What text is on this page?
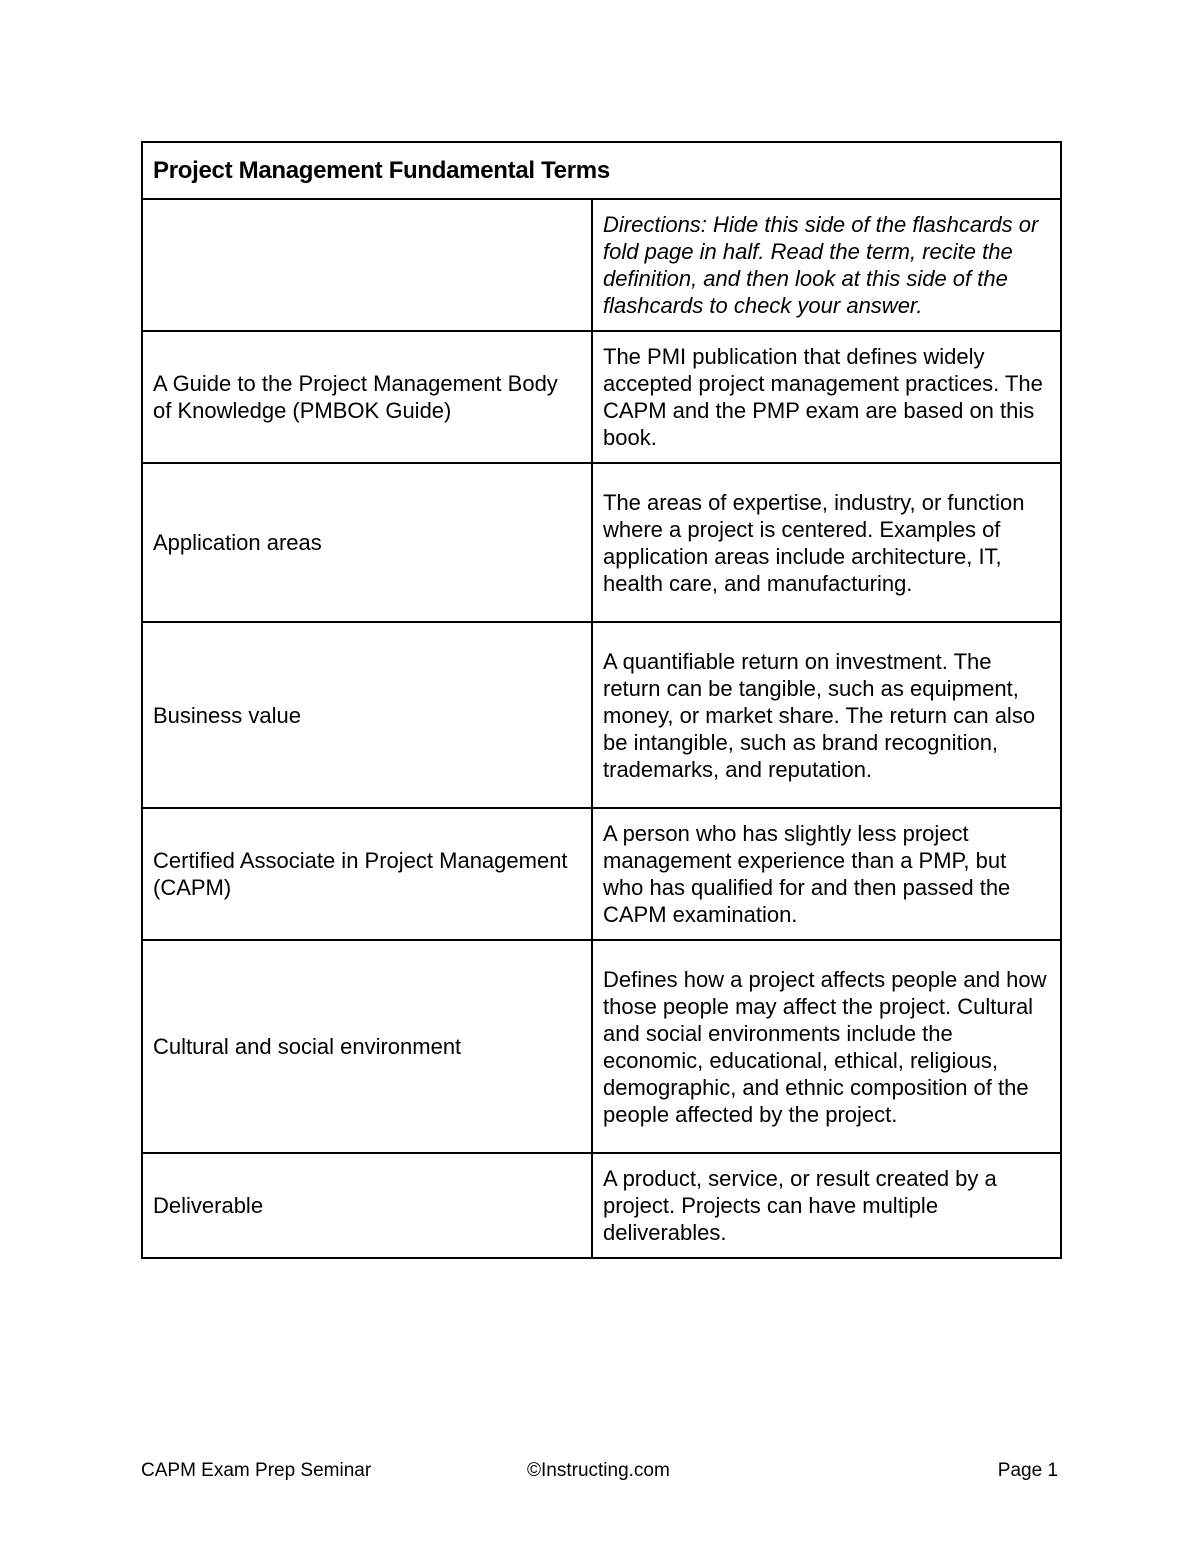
Project Management Fundamental Terms	
	Directions: Hide this side of the flashcards or fold page in half. Read the term, recite the definition, and then look at this side of the flashcards to check your answer.
A Guide to the Project Management Body of Knowledge (PMBOK Guide)	The PMI publication that defines widely accepted project management practices. The CAPM and the PMP exam are based on this book.
Application areas	The areas of expertise, industry, or function where a project is centered. Examples of application areas include architecture, IT, health care, and manufacturing.
Business value	A quantifiable return on investment. The return can be tangible, such as equipment, money, or market share. The return can also be intangible, such as brand recognition, trademarks, and reputation.
Certified Associate in Project Management (CAPM)	A person who has slightly less project management experience than a PMP, but who has qualified for and then passed the CAPM examination.
Cultural and social environment	Defines how a project affects people and how those people may affect the project. Cultural and social environments include the economic, educational, ethical, religious, demographic, and ethnic composition of the people affected by the project.
Deliverable	A product, service, or result created by a project. Projects can have multiple deliverables.
CAPM Exam Prep Seminar	©Instructing.com	Page 1
